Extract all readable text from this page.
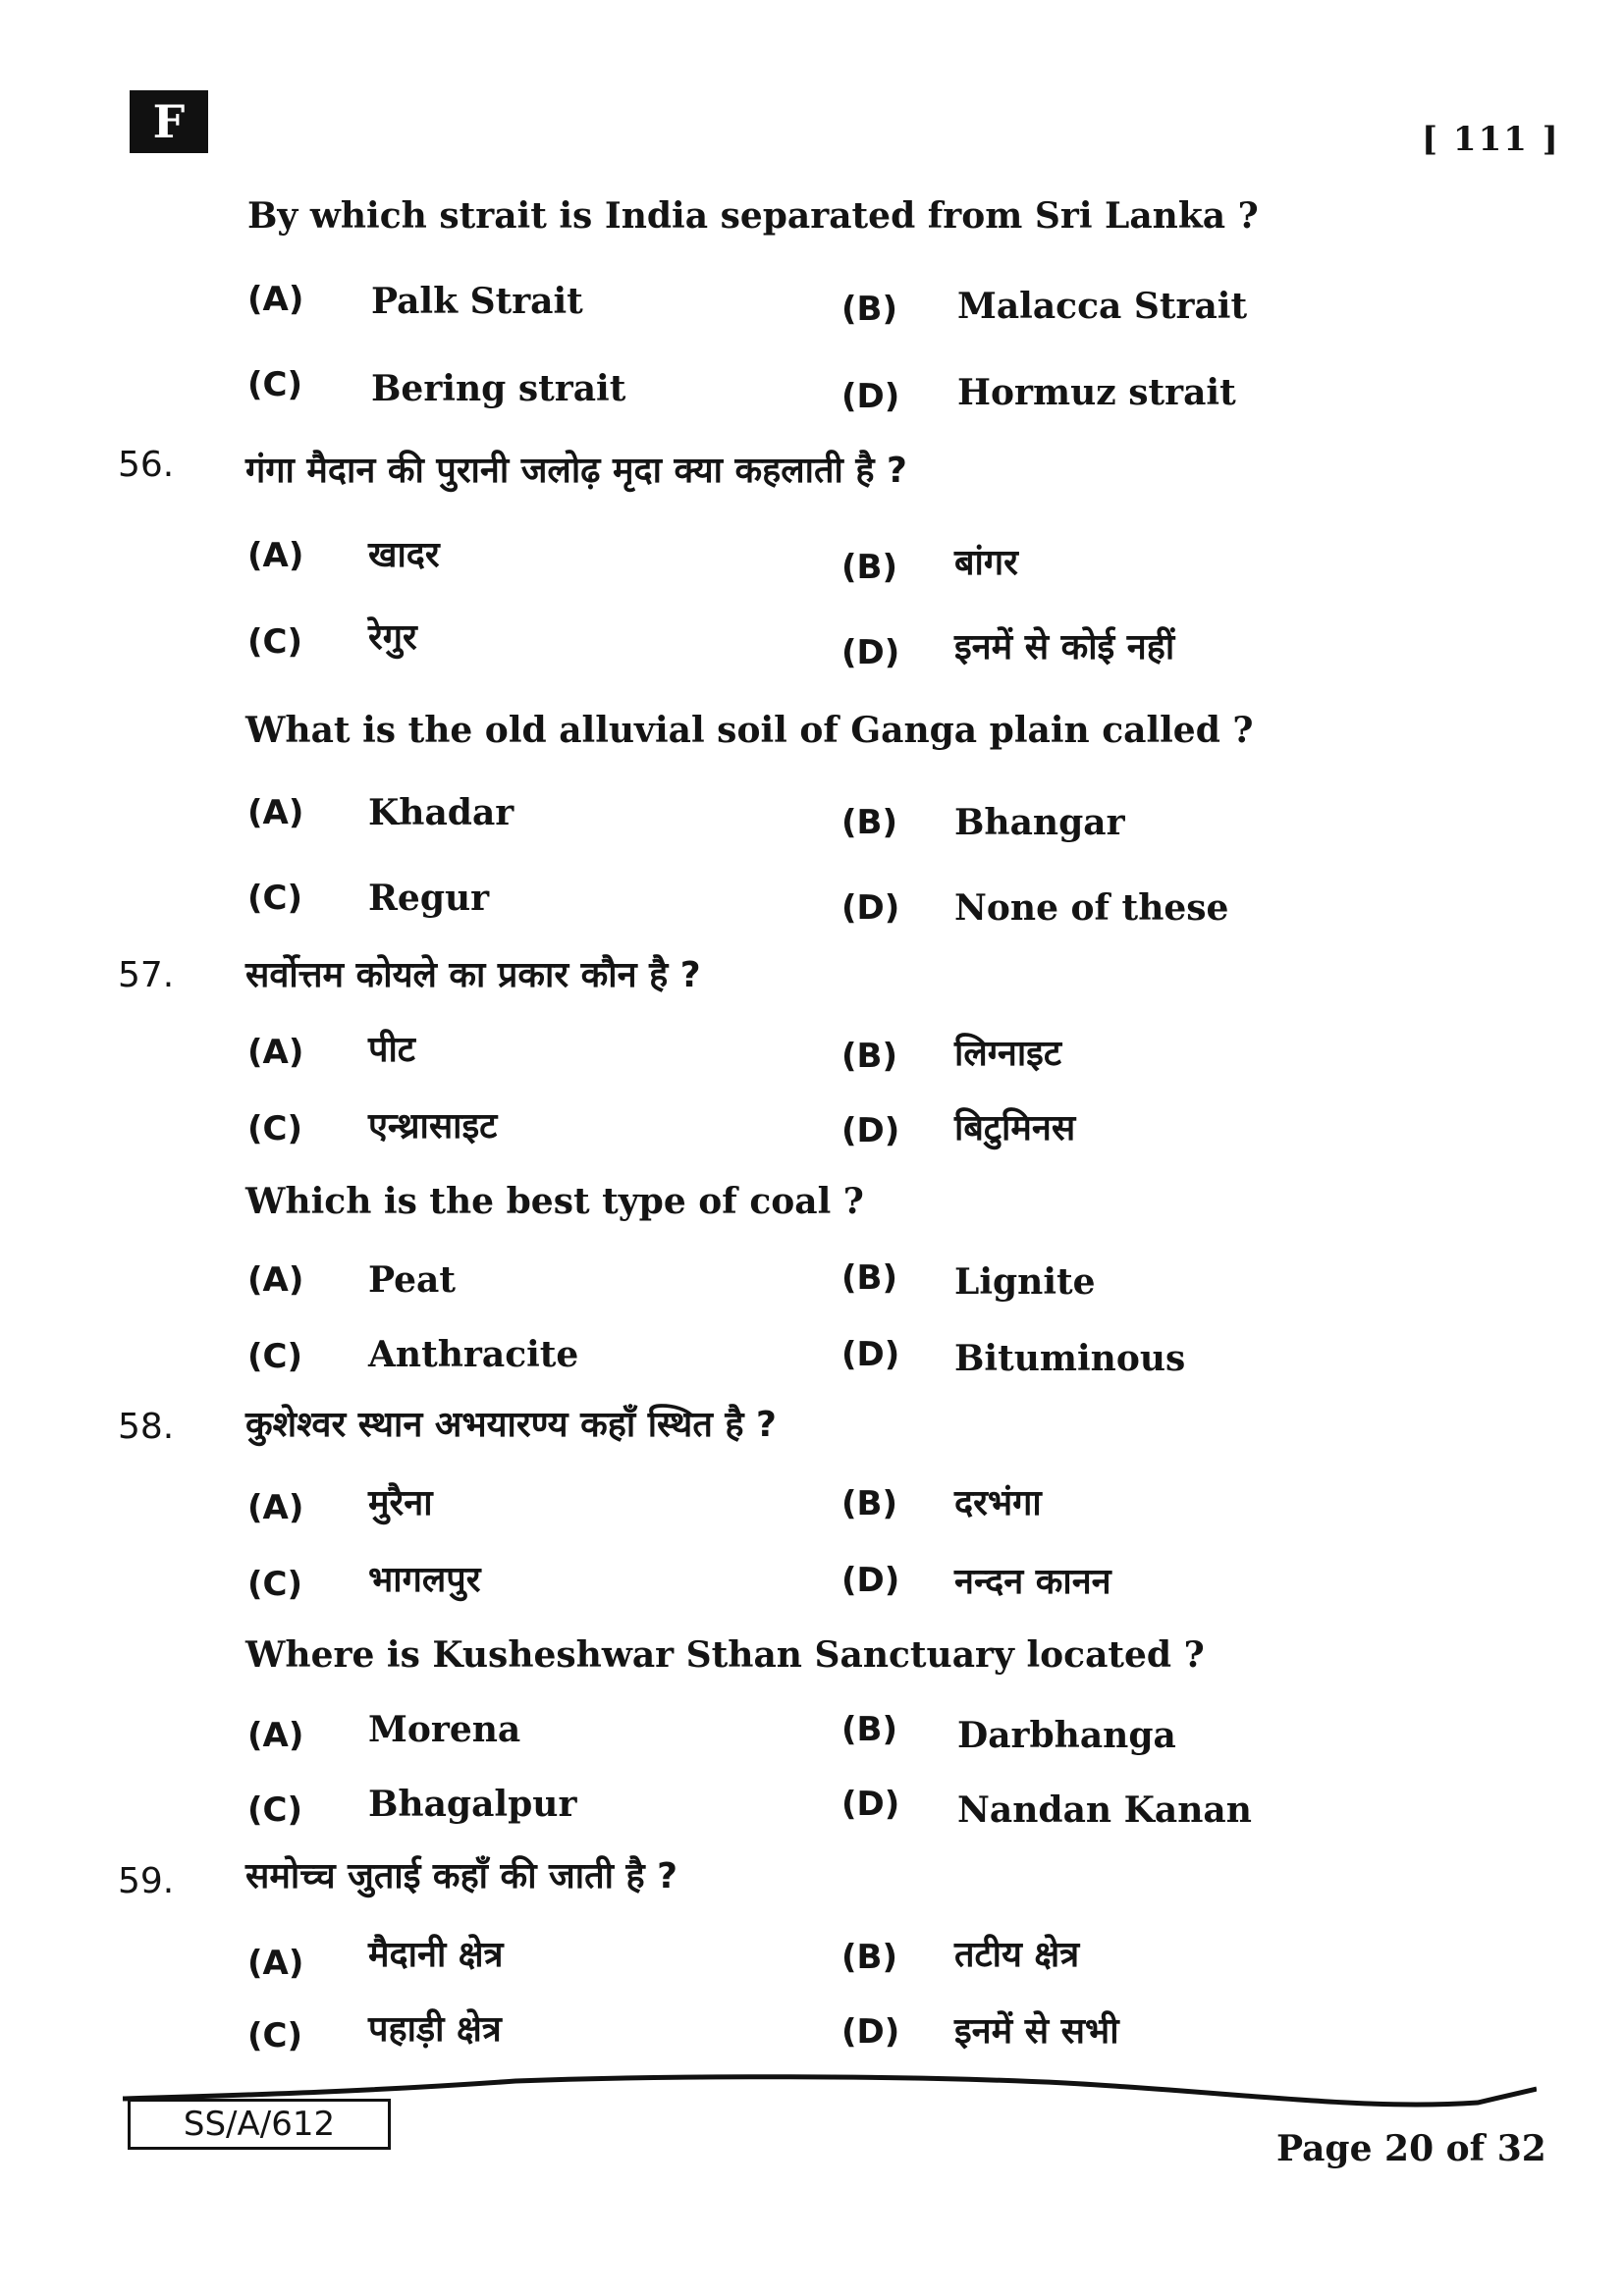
F	[ 111 ]
By which strait is India separated from Sri Lanka ?
(A) Palk Strait	(B) Malacca Strait
(C) Bering strait	(D) Hormuz strait
56. गंगा मैदान की पुरानी जलोढ़ मृदा क्या कहलाती है ?
(A) खादर	(B) बांगर
(C) रेगुर	(D) इनमें से कोई नहीं
What is the old alluvial soil of Ganga plain called ?
(A) Khadar	(B) Bhangar
(C) Regur	(D) None of these
57. सर्वोत्तम कोयले का प्रकार कौन है ?
(A) पीट	(B) लिग्नाइट
(C) एन्थ्रासाइट	(D) बिटुमिनस
Which is the best type of coal ?
(A) Peat	(B) Lignite
(C) Anthracite	(D) Bituminous
58. कुशेश्वर स्थान अभयारण्य कहाँ स्थित है ?
(A) मुरैना	(B) दरभंगा
(C) भागलपुर	(D) नन्दन कानन
Where is Kusheshwar Sthan Sanctuary located ?
(A) Morena	(B) Darbhanga
(C) Bhagalpur	(D) Nandan Kanan
59. समोच्च जुताई कहाँ की जाती है ?
(A) मैदानी क्षेत्र	(B) तटीय क्षेत्र
(C) पहाड़ी क्षेत्र	(D) इनमें से सभी
SS/A/612
Page 20 of 32
